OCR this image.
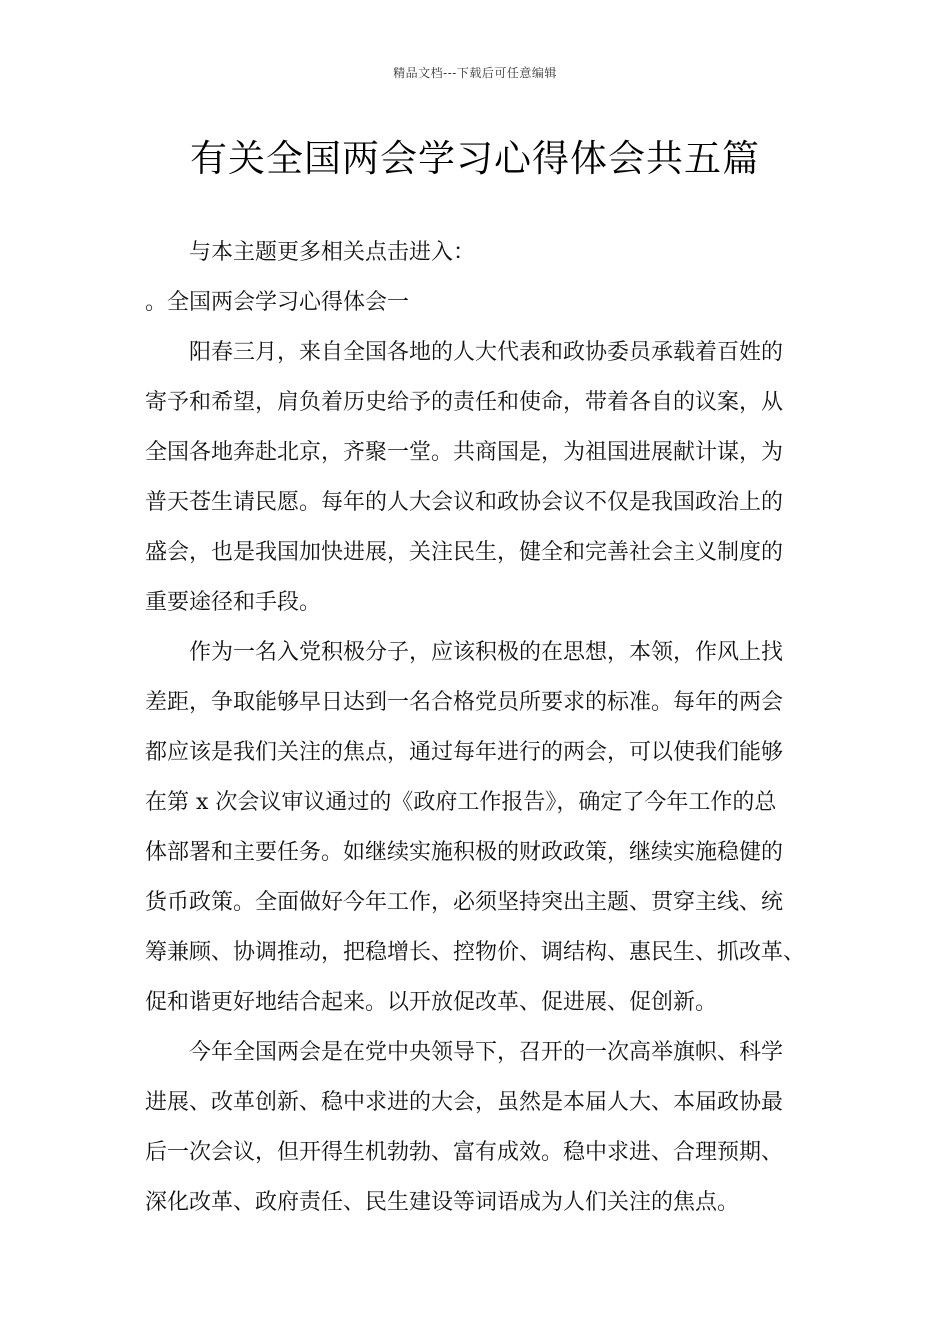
精品文档---下载后可任意编辑
有关全国两会学习心得体会共五篇
与本主题更多相关点击进入：
。全国两会学习心得体会一
阳春三月，来自全国各地的人大代表和政协委员承载着百姓的
寄予和希望，肩负着历史给予的责任和使命，带着各自的议案，从
全国各地奔赴北京，齐聚一堂。共商国是，为祖国进展献计谋，为
普天苍生请民愿。每年的人大会议和政协会议不仅是我国政治上的
盛会，也是我国加快进展，关注民生，健全和完善社会主义制度的
重要途径和手段。
作为一名入党积极分子，应该积极的在思想，本领，作风上找
差距，争取能够早日达到一名合格党员所要求的标准。每年的两会
都应该是我们关注的焦点，通过每年进行的两会，可以使我们能够
在第 x 次会议审议通过的《政府工作报告》，确定了今年工作的总
体部署和主要任务。如继续实施积极的财政政策，继续实施稳健的
货币政策。全面做好今年工作，必须坚持突出主题、贯穿主线、统
筹兼顾、协调推动，把稳增长、控物价、调结构、惠民生、抓改革、
促和谐更好地结合起来。以开放促改革、促进展、促创新。
今年全国两会是在党中央领导下，召开的一次高举旗帜、科学
进展、改革创新、稳中求进的大会，虽然是本届人大、本届政协最
后一次会议，但开得生机勃勃、富有成效。稳中求进、合理预期、
深化改革、政府责任、民生建设等词语成为人们关注的焦点。
